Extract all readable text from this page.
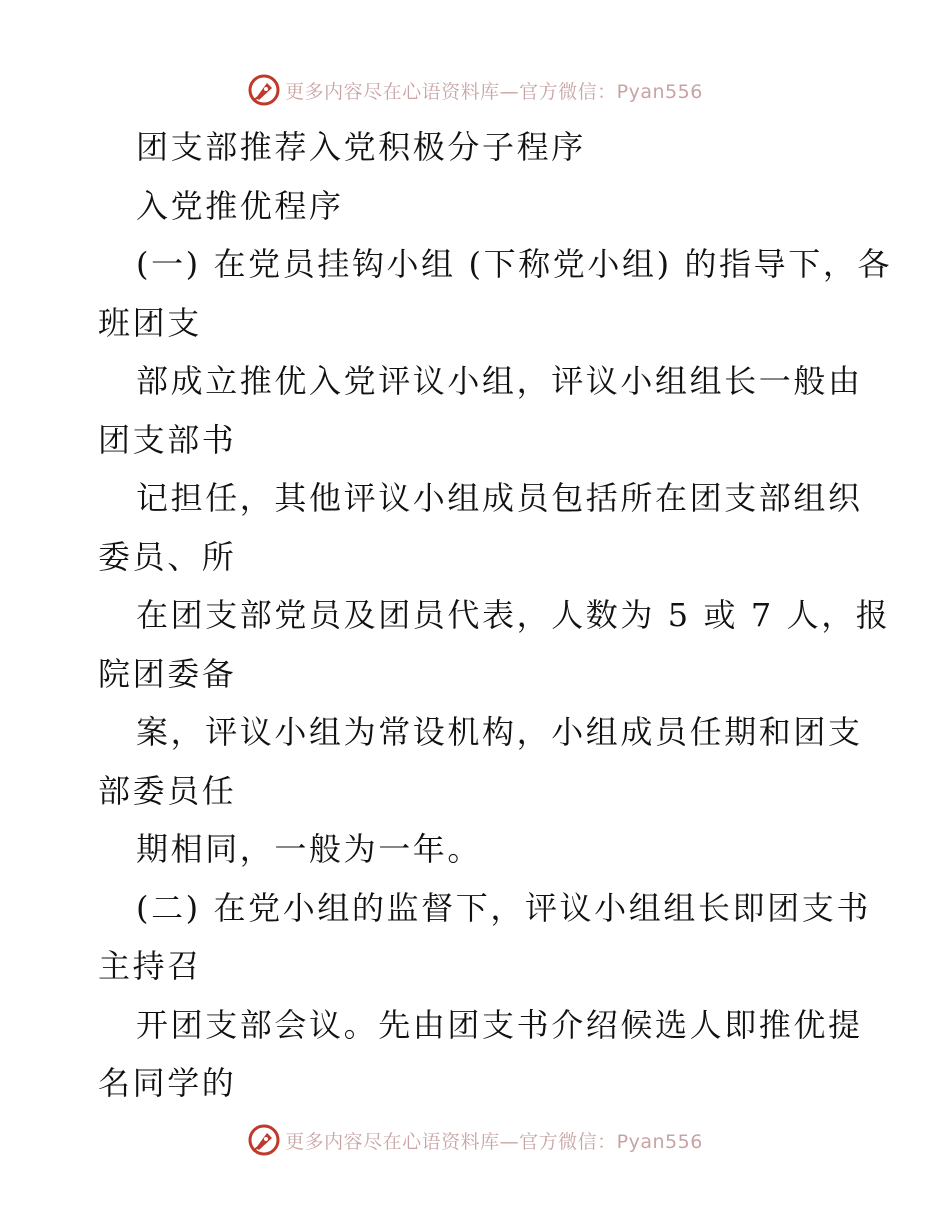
更多内容尽在心语资料库—官方微信：Pyan556
团支部推荐入党积极分子程序
入党推优程序
(一) 在党员挂钩小组 (下称党小组) 的指导下，各
班团支
部成立推优入党评议小组，评议小组组长一般由
团支部书
记担任，其他评议小组成员包括所在团支部组织
委员、所
在团支部党员及团员代表，人数为 5 或 7 人，报
院团委备
案，评议小组为常设机构，小组成员任期和团支
部委员任
期相同，一般为一年。
(二) 在党小组的监督下，评议小组组长即团支书
主持召
开团支部会议。先由团支书介绍候选人即推优提
名同学的
更多内容尽在心语资料库—官方微信：Pyan556
